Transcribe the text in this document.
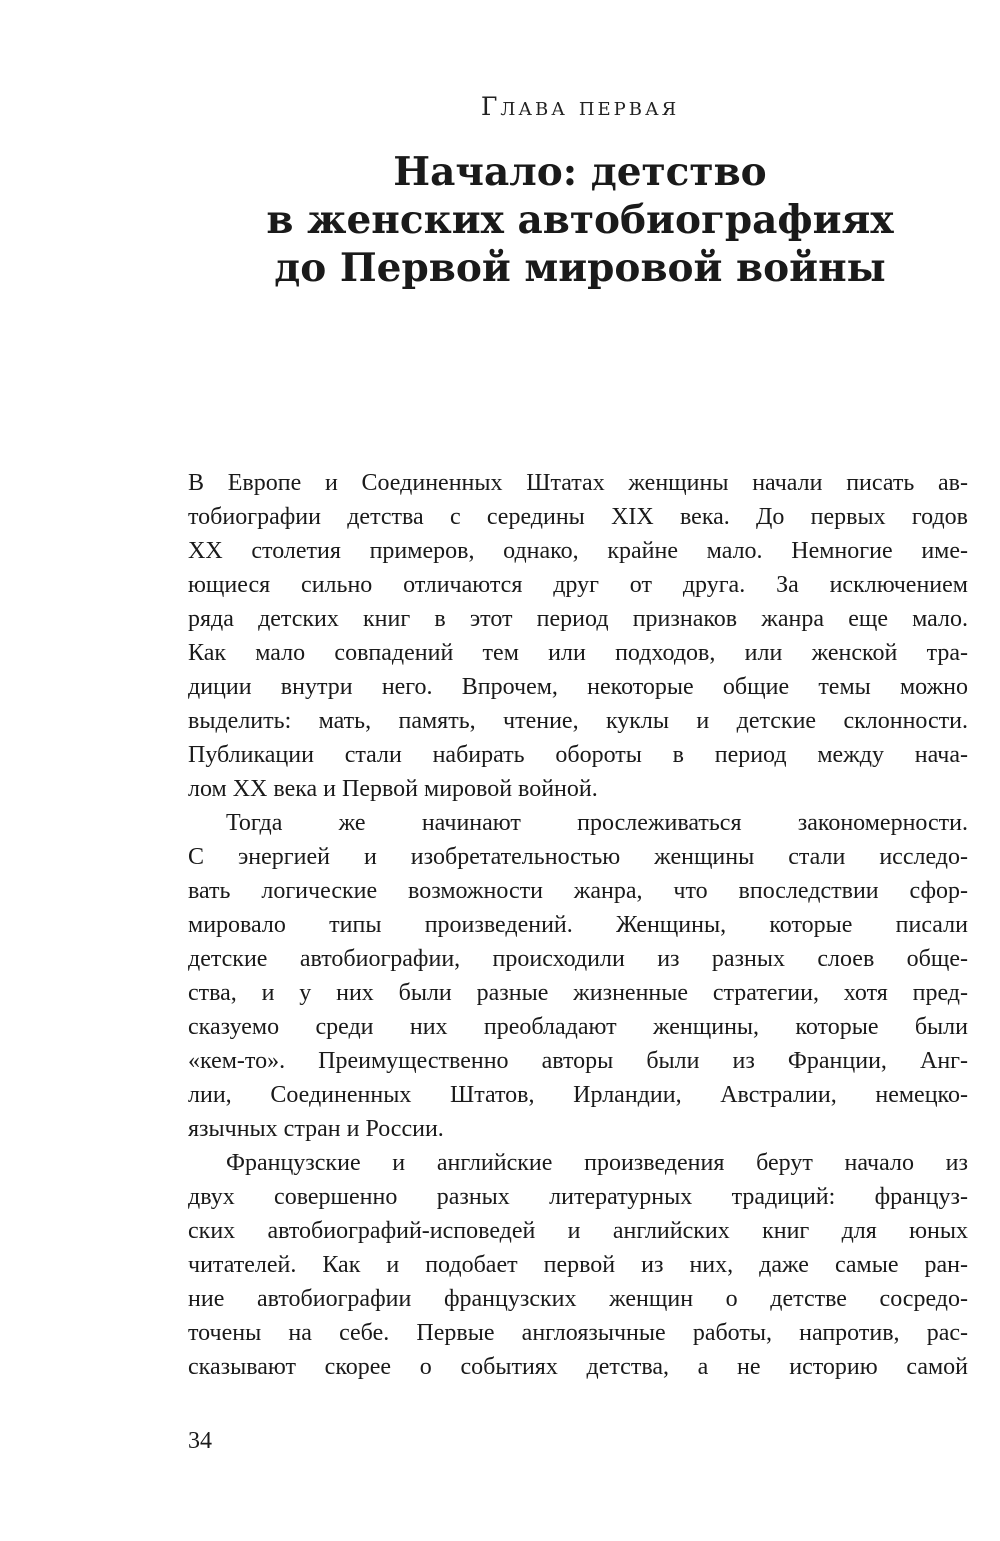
Глава первая
Начало: детство
в женских автобиографиях
до Первой мировой войны
В Европе и Соединенных Штатах женщины начали писать ав-
тобиографии детства с середины XIX века. До первых годов
XX столетия примеров, однако, крайне мало. Немногие име-
ющиеся сильно отличаются друг от друга. За исключением
ряда детских книг в этот период признаков жанра еще мало.
Как мало совпадений тем или подходов, или женской тра-
диции внутри него. Впрочем, некоторые общие темы можно
выделить: мать, память, чтение, куклы и детские склонности.
Публикации стали набирать обороты в период между нача-
лом XX века и Первой мировой войной.
Тогда же начинают прослеживаться закономерности.
С энергией и изобретательностью женщины стали исследо-
вать логические возможности жанра, что впоследствии сфор-
мировало типы произведений. Женщины, которые писали
детские автобиографии, происходили из разных слоев обще-
ства, и у них были разные жизненные стратегии, хотя пред-
сказуемо среди них преобладают женщины, которые были
«кем-то». Преимущественно авторы были из Франции, Анг-
лии, Соединенных Штатов, Ирландии, Австралии, немецко-
язычных стран и России.
Французские и английские произведения берут начало из
двух совершенно разных литературных традиций: француз-
ских автобиографий-исповедей и английских книг для юных
читателей. Как и подобает первой из них, даже самые ран-
ние автобиографии французских женщин о детстве сосредо-
точены на себе. Первые англоязычные работы, напротив, рас-
сказывают скорее о событиях детства, а не историю самой
34
